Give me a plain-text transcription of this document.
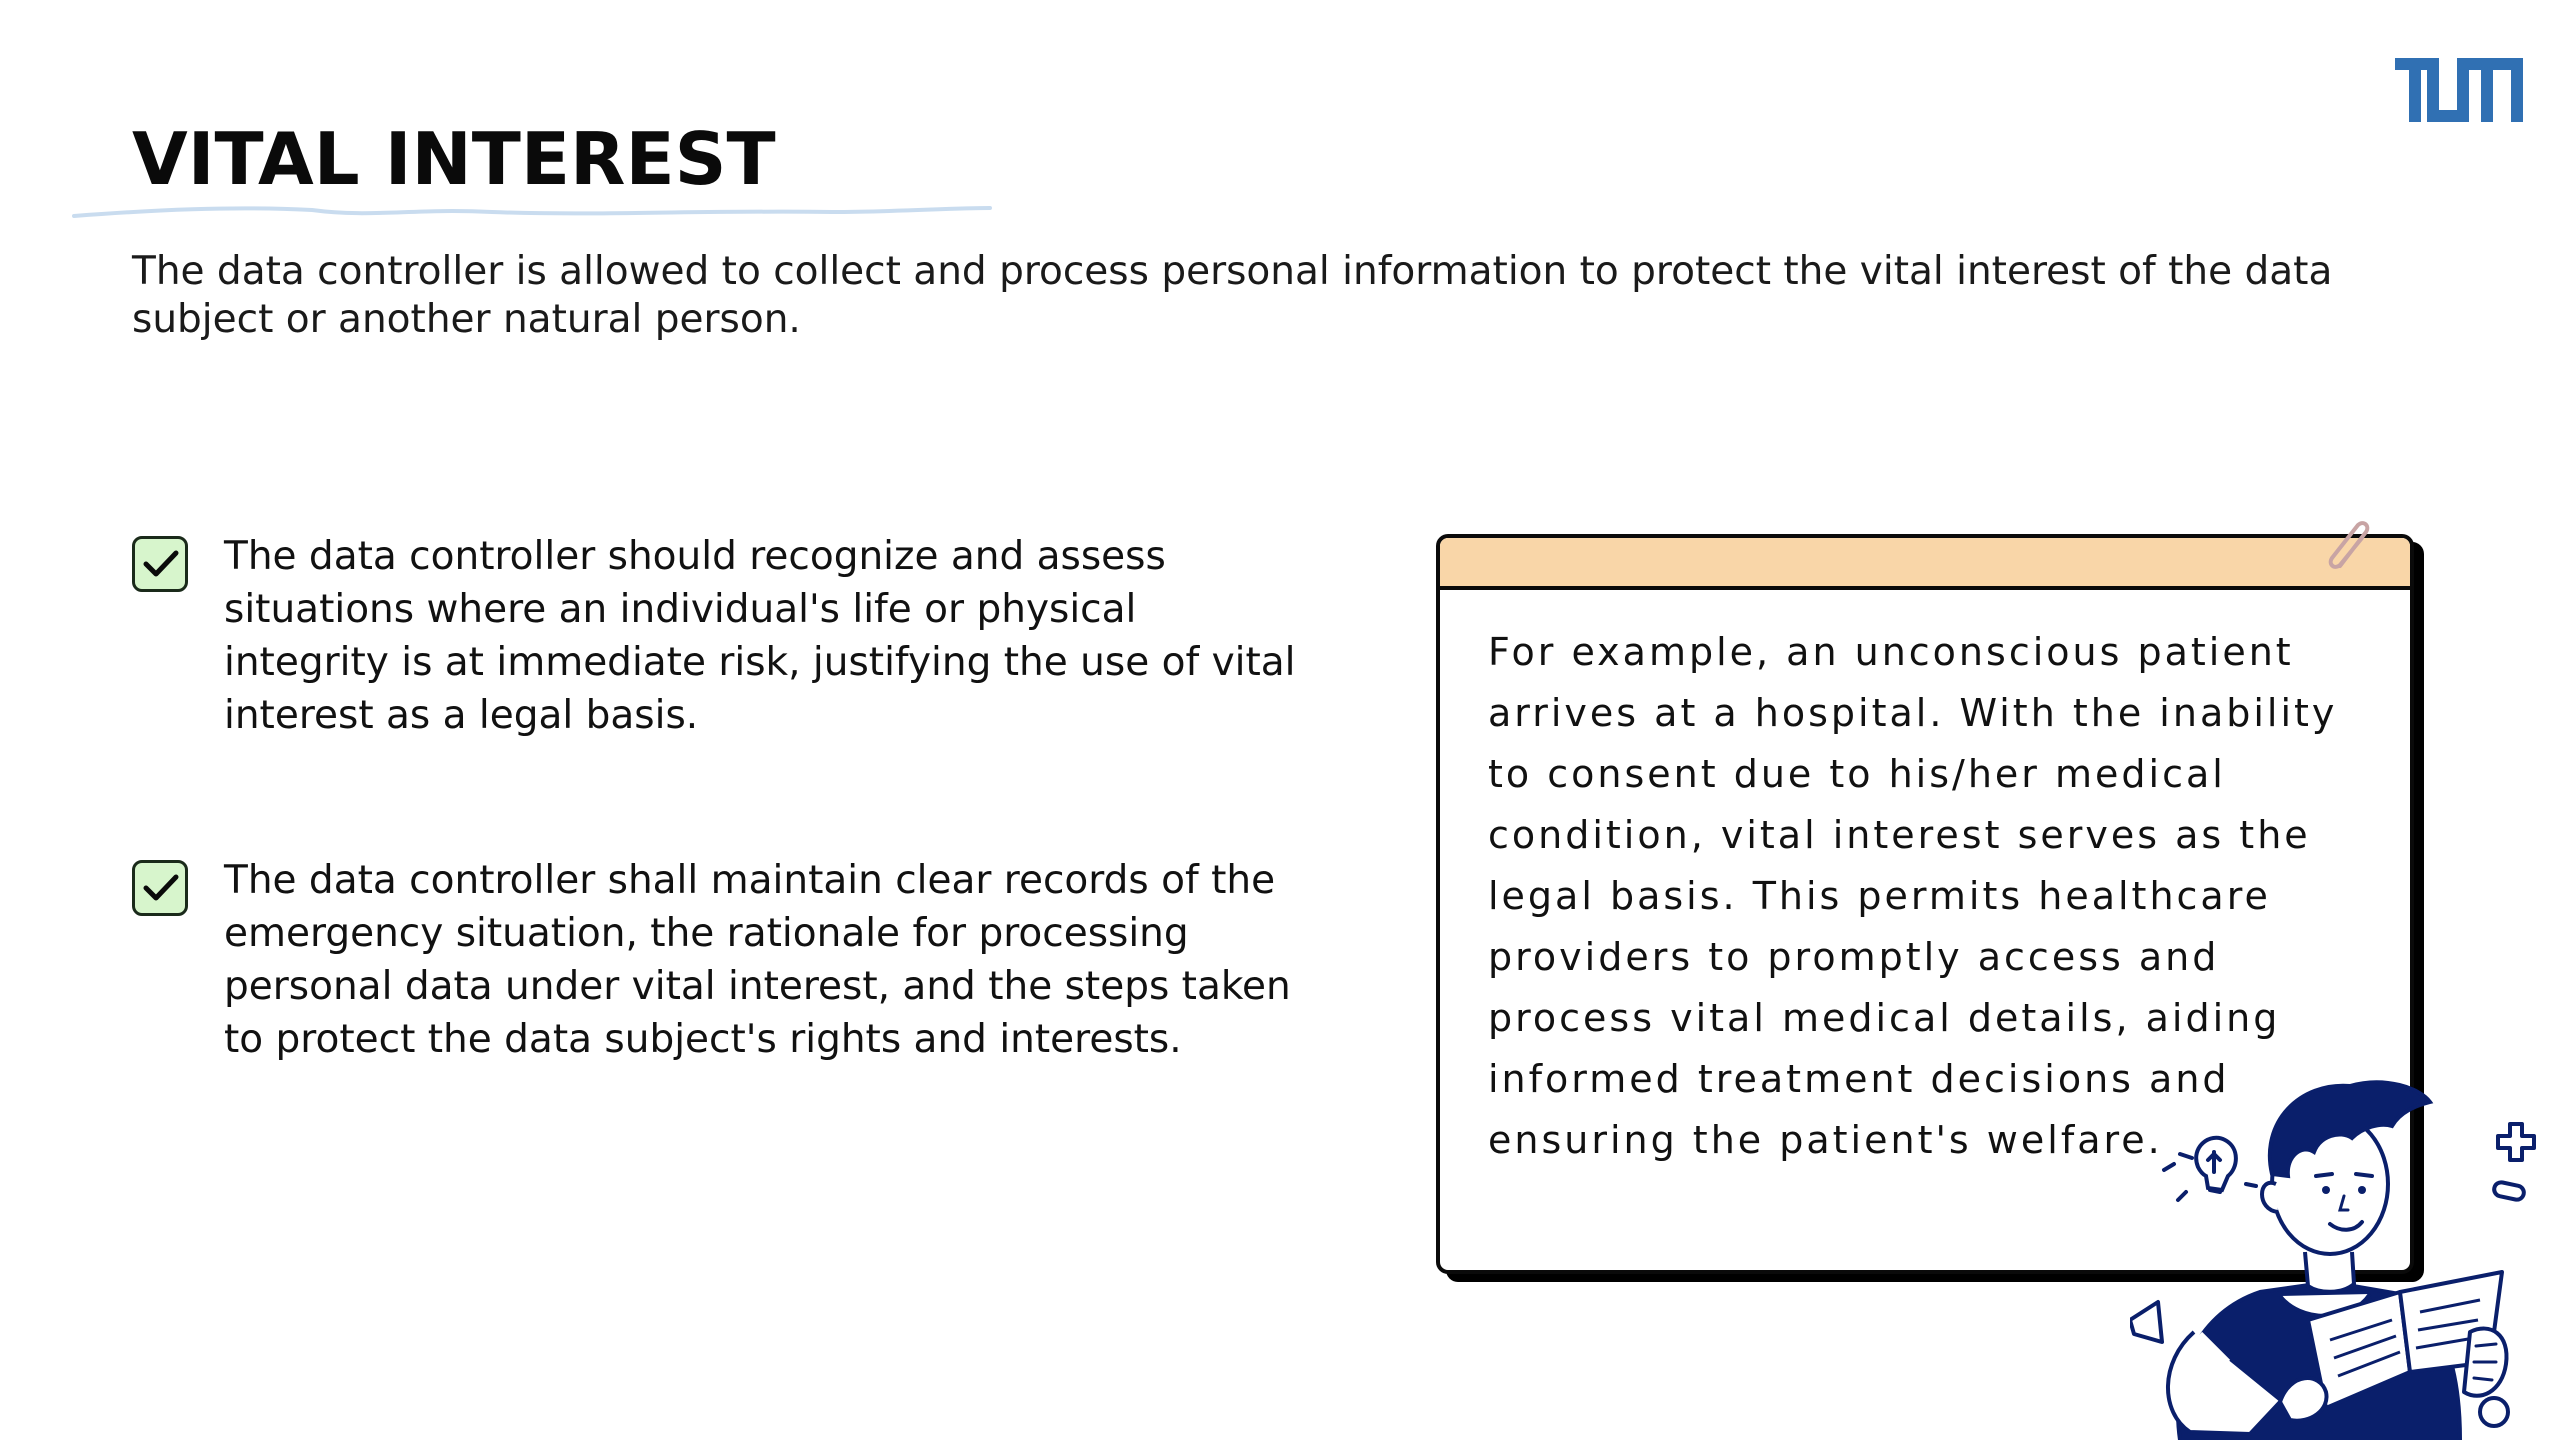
VITAL INTEREST

The data controller is allowed to collect and process personal information to protect the vital interest of the data subject or another natural person.

The data controller should recognize and assess situations where an individual's life or physical integrity is at immediate risk, justifying the use of vital interest as a legal basis.

The data controller shall maintain clear records of the emergency situation, the rationale for processing personal data under vital interest, and the steps taken to protect the data subject's rights and interests.

For example, an unconscious patient arrives at a hospital. With the inability to consent due to his/her medical condition, vital interest serves as the legal basis. This permits healthcare providers to promptly access and process vital medical details, aiding informed treatment decisions and ensuring the patient's welfare.
